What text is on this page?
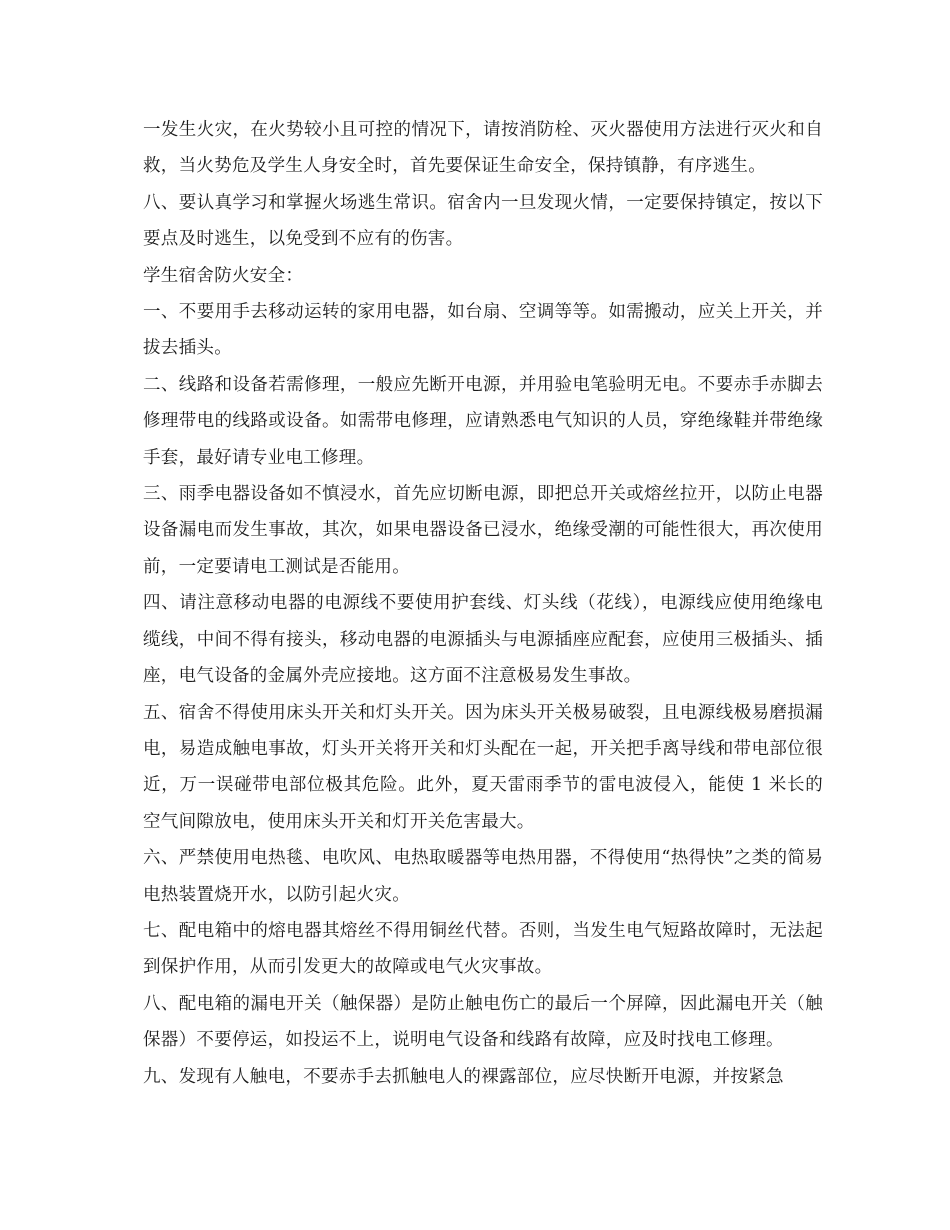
一发生火灾，在火势较小且可控的情况下，请按消防栓、灭火器使用方法进行灭火和自救，当火势危及学生人身安全时，首先要保证生命安全，保持镇静，有序逃生。

八、要认真学习和掌握火场逃生常识。宿舍内一旦发现火情，一定要保持镇定，按以下要点及时逃生，以免受到不应有的伤害。

学生宿舍防火安全：

一、不要用手去移动运转的家用电器，如台扇、空调等等。如需搬动，应关上开关，并拔去插头。

二、线路和设备若需修理，一般应先断开电源，并用验电笔验明无电。不要赤手赤脚去修理带电的线路或设备。如需带电修理，应请熟悉电气知识的人员，穿绝缘鞋并带绝缘手套，最好请专业电工修理。

三、雨季电器设备如不慎浸水，首先应切断电源，即把总开关或熔丝拉开，以防止电器设备漏电而发生事故，其次，如果电器设备已浸水，绝缘受潮的可能性很大，再次使用前，一定要请电工测试是否能用。

四、请注意移动电器的电源线不要使用护套线、灯头线（花线），电源线应使用绝缘电缆线，中间不得有接头，移动电器的电源插头与电源插座应配套，应使用三极插头、插座，电气设备的金属外壳应接地。这方面不注意极易发生事故。

五、宿舍不得使用床头开关和灯头开关。因为床头开关极易破裂，且电源线极易磨损漏电，易造成触电事故，灯头开关将开关和灯头配在一起，开关把手离导线和带电部位很近，万一误碰带电部位极其危险。此外，夏天雷雨季节的雷电波侵入，能使 1 米长的空气间隙放电，使用床头开关和灯开关危害最大。

六、严禁使用电热毯、电吹风、电热取暖器等电热用器，不得使用“热得快”之类的简易电热装置烧开水，以防引起火灾。

七、配电箱中的熔电器其熔丝不得用铜丝代替。否则，当发生电气短路故障时，无法起到保护作用，从而引发更大的故障或电气火灾事故。

八、配电箱的漏电开关（触保器）是防止触电伤亡的最后一个屏障，因此漏电开关（触保器）不要停运，如投运不上，说明电气设备和线路有故障，应及时找电工修理。

九、发现有人触电，不要赤手去抓触电人的裸露部位，应尽快断开电源，并按紧急
